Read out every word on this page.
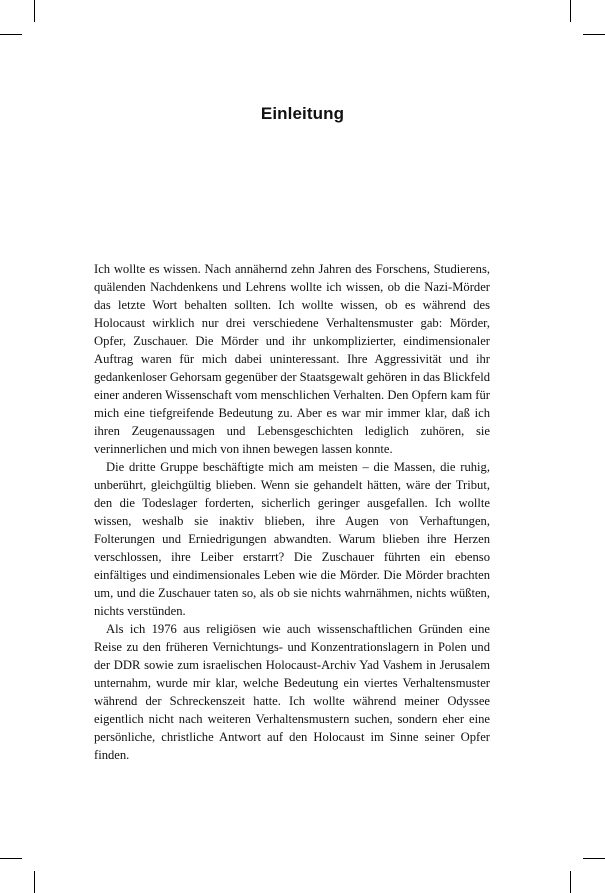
Einleitung

Ich wollte es wissen. Nach annähernd zehn Jahren des Forschens, Studierens, quälenden Nachdenkens und Lehrens wollte ich wissen, ob die Nazi-Mörder das letzte Wort behalten sollten. Ich wollte wissen, ob es während des Holocaust wirklich nur drei verschiedene Verhaltensmuster gab: Mörder, Opfer, Zuschauer. Die Mörder und ihr unkomplizierter, eindimensionaler Auftrag waren für mich dabei uninteressant. Ihre Aggressivität und ihr gedankenloser Gehorsam gegenüber der Staatsgewalt gehören in das Blickfeld einer anderen Wissenschaft vom menschlichen Verhalten. Den Opfern kam für mich eine tiefgreifende Bedeutung zu. Aber es war mir immer klar, daß ich ihren Zeugenaussagen und Lebensgeschichten lediglich zuhören, sie verinnerlichen und mich von ihnen bewegen lassen konnte.

Die dritte Gruppe beschäftigte mich am meisten – die Massen, die ruhig, unberührt, gleichgültig blieben. Wenn sie gehandelt hätten, wäre der Tribut, den die Todeslager forderten, sicherlich geringer ausgefallen. Ich wollte wissen, weshalb sie inaktiv blieben, ihre Augen von Verhaftungen, Folterungen und Erniedrigungen abwandten. Warum blieben ihre Herzen verschlossen, ihre Leiber erstarrt? Die Zuschauer führten ein ebenso einfältiges und eindimensionales Leben wie die Mörder. Die Mörder brachten um, und die Zuschauer taten so, als ob sie nichts wahrnähmen, nichts wüßten, nichts verstünden.

Als ich 1976 aus religiösen wie auch wissenschaftlichen Gründen eine Reise zu den früheren Vernichtungs- und Konzentrationslagern in Polen und der DDR sowie zum israelischen Holocaust-Archiv Yad Vashem in Jerusalem unternahm, wurde mir klar, welche Bedeutung ein viertes Verhaltensmuster während der Schreckenszeit hatte. Ich wollte während meiner Odyssee eigentlich nicht nach weiteren Verhaltensmustern suchen, sondern eher eine persönliche, christliche Antwort auf den Holocaust im Sinne seiner Opfer finden.
